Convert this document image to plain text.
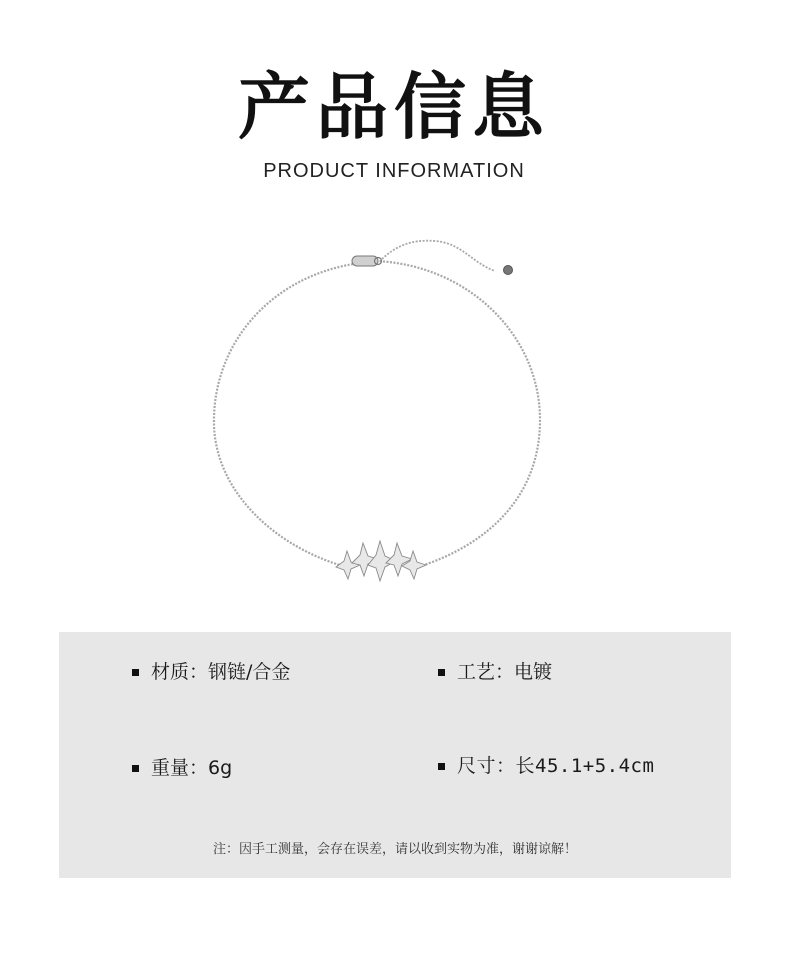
产品信息
PRODUCT INFORMATION
材质：钢链/合金	工艺：电镀
重量：6g	尺寸：长45.1+5.4cm
注：因手工测量，会存在误差，请以收到实物为准，谢谢谅解！
